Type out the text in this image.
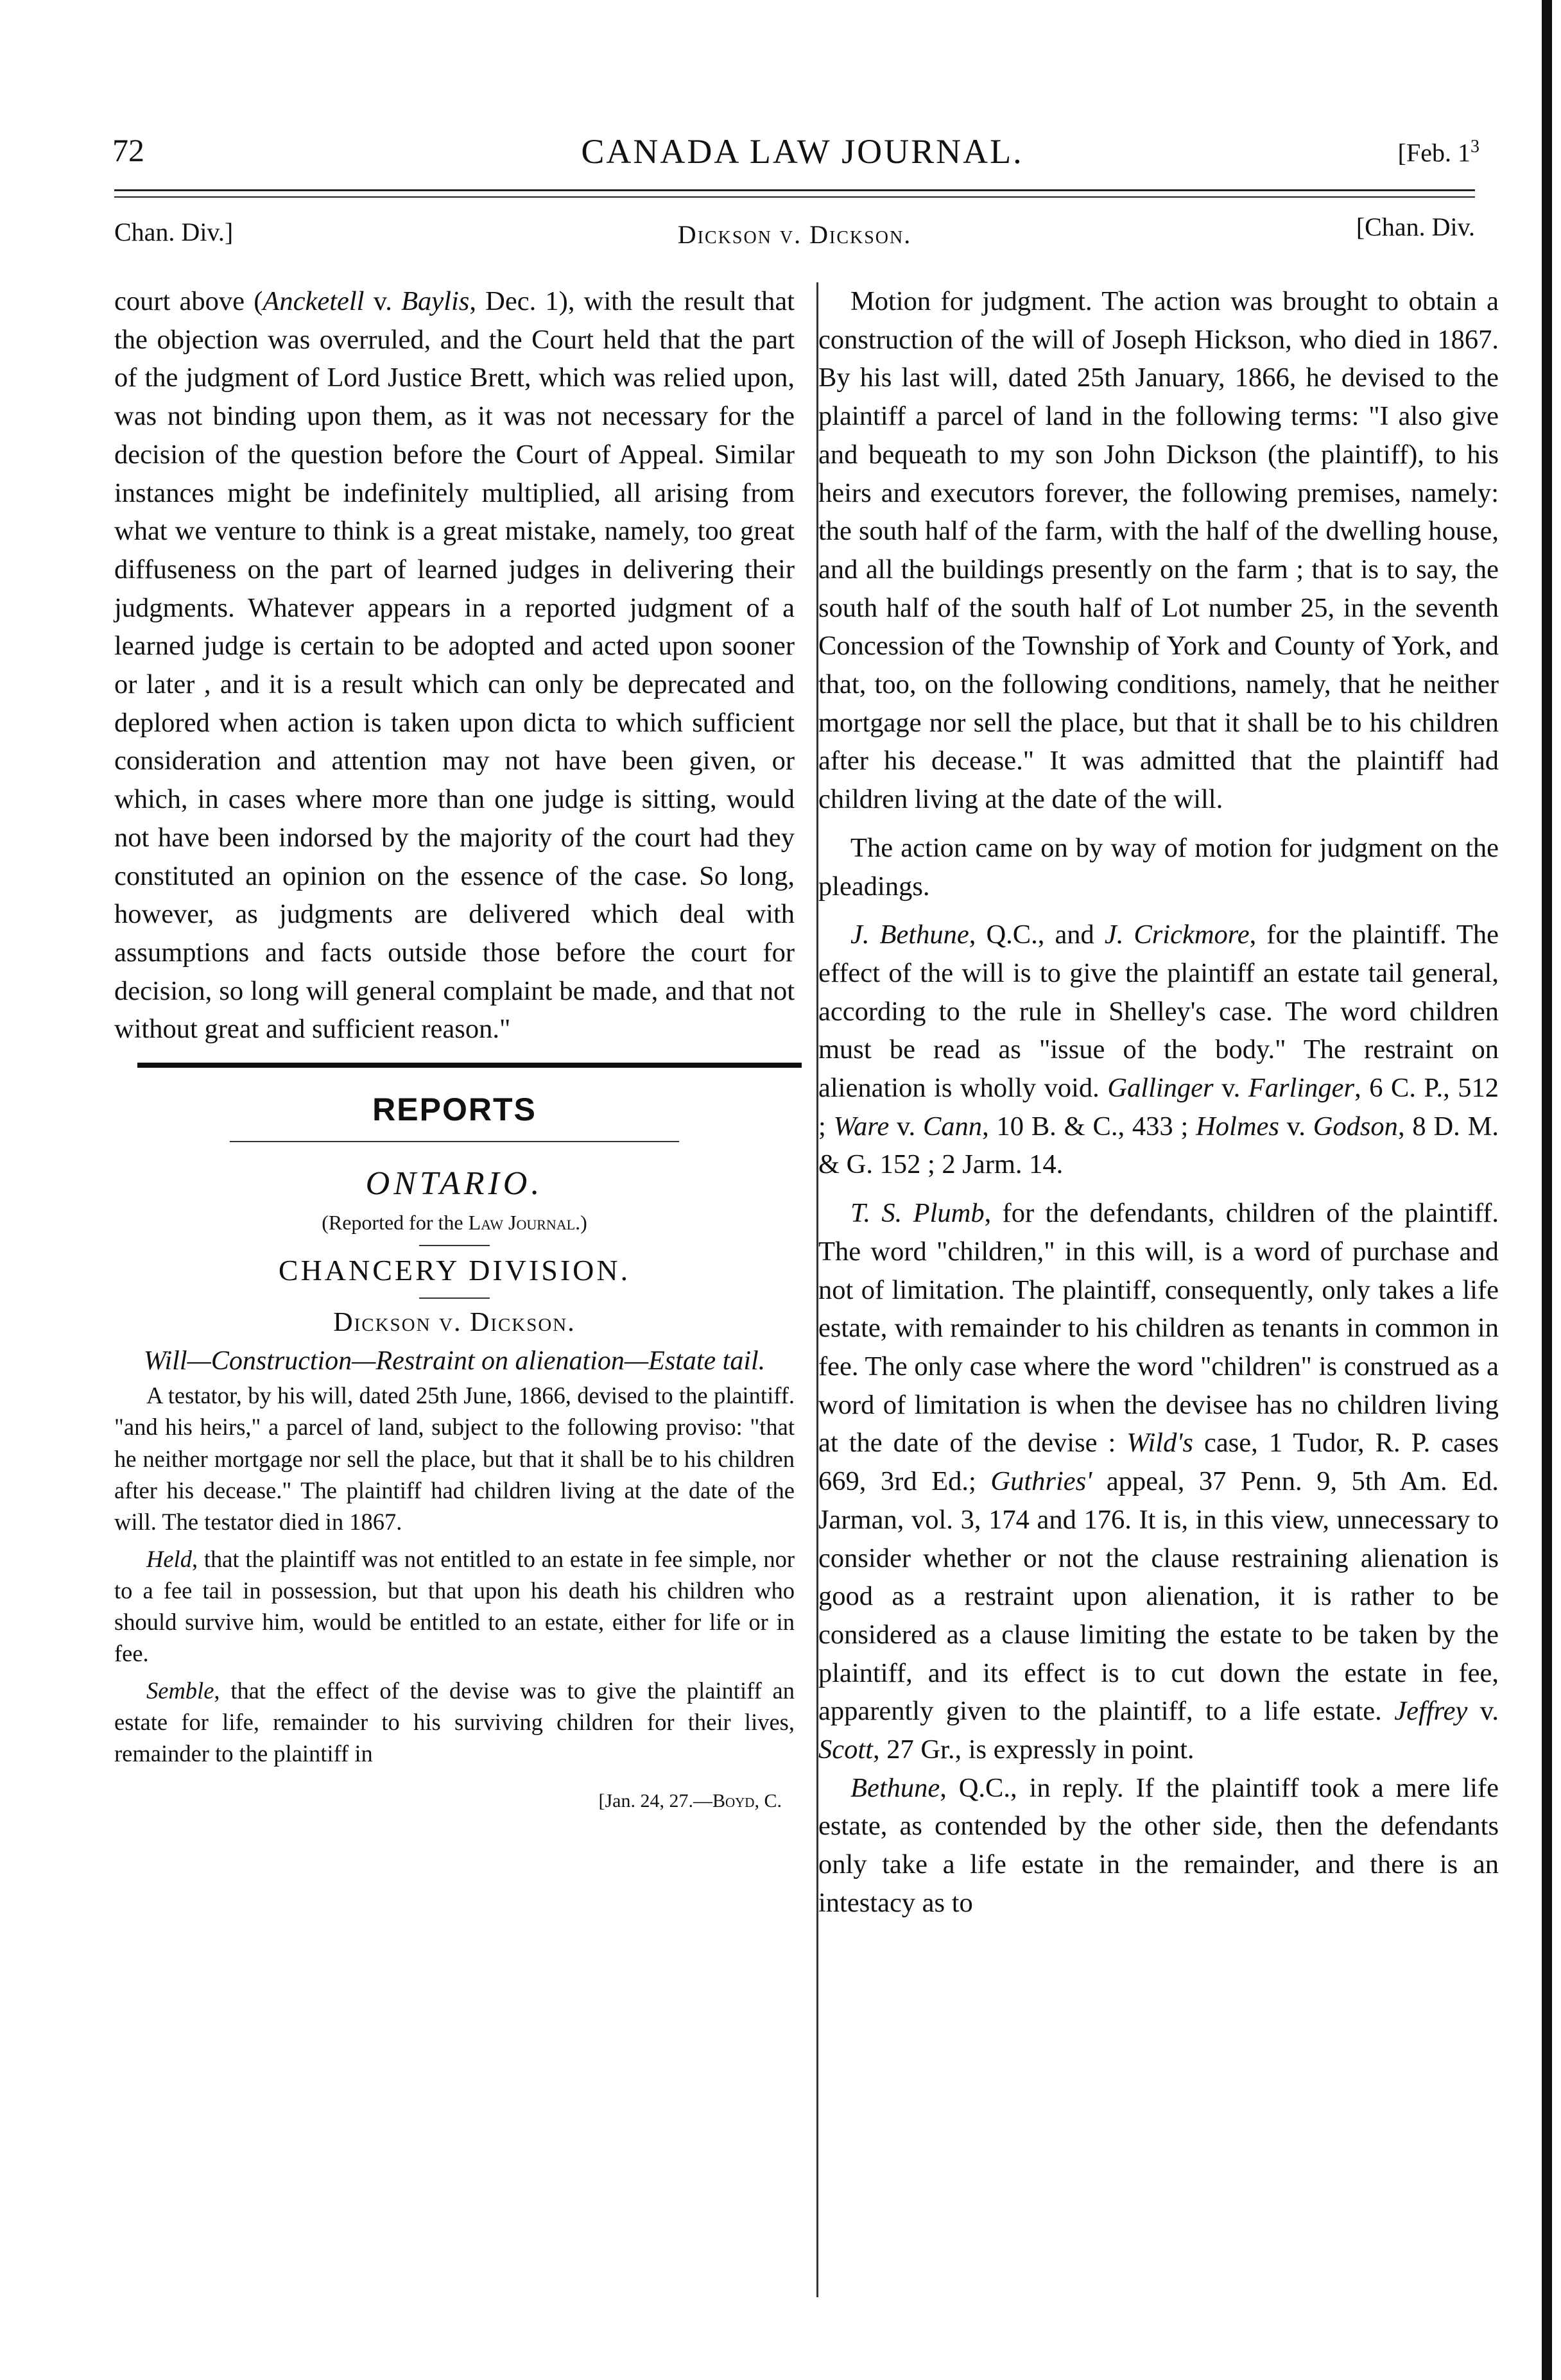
72	CANADA LAW JOURNAL.	[Feb. $1^3$
Chan. Div.]	Dickson v. Dickson.	[Chan. Div.

court above (Ancketell v. Baylis, Dec. 1), with the result that the objection was overruled, and the Court held that the part of the judgment of Lord Justice Brett, which was relied upon, was not binding upon them, as it was not necessary for the decision of the question before the Court of Appeal. Similar instances might be indefinitely multiplied, all arising from what we venture to think is a great mistake, namely, too great diffuseness on the part of learned judges in delivering their judgments. Whatever appears in a reported judgment of a learned judge is certain to be adopted and acted upon sooner or later , and it is a result which can only be deprecated and deplored when action is taken upon dicta to which sufficient consideration and attention may not have been given, or which, in cases where more than one judge is sitting, would not have been indorsed by the majority of the court had they constituted an opinion on the essence of the case. So long, however, as judgments are delivered which deal with assumptions and facts outside those before the court for decision, so long will general complaint be made, and that not without great and sufficient reason."

REPORTS
ONTARIO.
(Reported for the Law Journal.)
CHANCERY DIVISION.
Dickson v. Dickson.
Will—Construction—Restraint on alienation—Estate tail.

A testator, by his will, dated 25th June, 1866, devised to the plaintiff. "and his heirs," a parcel of land, subject to the following proviso: "that he neither mortgage nor sell the place, but that it shall be to his children after his decease." The plaintiff had children living at the date of the will. The testator died in 1867.

Held, that the plaintiff was not entitled to an estate in fee simple, nor to a fee tail in possession, but that upon his death his children who should survive him, would be entitled to an estate, either for life or in fee.

Semble, that the effect of the devise was to give the plaintiff an estate for life, remainder to his surviving children for their lives, remainder to the plaintiff in

[Jan. 24, 27.—Boyd, C.

Motion for judgment. The action was brought to obtain a construction of the will of Joseph Hickson, who died in 1867. By his last will, dated 25th January, 1866, he devised to the plaintiff a parcel of land in the following terms: "I also give and bequeath to my son John Dickson (the plaintiff), to his heirs and executors forever, the following premises, namely: the south half of the farm, with the half of the dwelling house, and all the buildings presently on the farm ; that is to say, the south half of the south half of Lot number 25, in the seventh Concession of the Township of York and County of York, and that, too, on the following conditions, namely, that he neither mortgage nor sell the place, but that it shall be to his children after his decease." It was admitted that the plaintiff had children living at the date of the will.

The action came on by way of motion for judgment on the pleadings.

J. Bethune, Q.C., and J. Crickmore, for the plaintiff. The effect of the will is to give the plaintiff an estate tail general, according to the rule in Shelley's case. The word children must be read as "issue of the body." The restraint on alienation is wholly void. Gallinger v. Farlinger, 6 C. P., 512 ; Ware v. Cann, 10 B. & C., 433 ; Holmes v. Godson, 8 D. M. & G. 152 ; 2 Jarm. 14.

T. S. Plumb, for the defendants, children of the plaintiff. The word "children," in this will, is a word of purchase and not of limitation. The plaintiff, consequently, only takes a life estate, with remainder to his children as tenants in common in fee. The only case where the word "children" is construed as a word of limitation is when the devisee has no children living at the date of the devise : Wild's case, 1 Tudor, R. P. cases 669, 3rd Ed.; Guthries' appeal, 37 Penn. 9, 5th Am. Ed. Jarman, vol. 3, 174 and 176. It is, in this view, unnecessary to consider whether or not the clause restraining alienation is good as a restraint upon alienation, it is rather to be considered as a clause limiting the estate to be taken by the plaintiff, and its effect is to cut down the estate in fee, apparently given to the plaintiff, to a life estate. Jeffrey v. Scott, 27 Gr., is expressly in point.

Bethune, Q.C., in reply. If the plaintiff took a mere life estate, as contended by the other side, then the defendants only take a life estate in the remainder, and there is an intestacy as to
